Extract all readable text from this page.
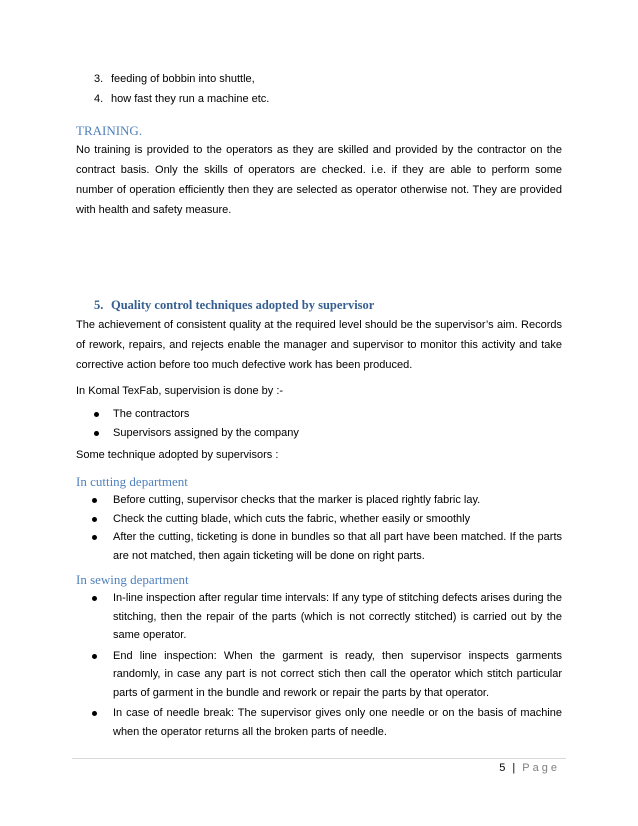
3. feeding of bobbin into shuttle,
4. how fast they run a machine etc.
TRAINING.

No training is provided to the operators as they are skilled and provided by the contractor on the contract basis. Only the skills of operators are checked. i.e. if they are able to perform some number of operation efficiently then they are selected as operator otherwise not. They are provided with health and safety measure.

5. Quality control techniques adopted by supervisor

The achievement of consistent quality at the required level should be the supervisor’s aim. Records of rework, repairs, and rejects enable the manager and supervisor to monitor this activity and take corrective action before too much defective work has been produced.

In Komal TexFab, supervision is done by :-

The contractors
Supervisors assigned by the company

Some technique adopted by supervisors :

In cutting department
Before cutting, supervisor checks that the marker is placed rightly fabric lay.
Check the cutting blade, which cuts the fabric, whether easily or smoothly
After the cutting, ticketing is done in bundles so that all part have been matched. If the parts are not matched, then again ticketing will be done on right parts.
In sewing department
In-line inspection after regular time intervals: If any type of stitching defects arises during the stitching, then the repair of the parts (which is not correctly stitched) is carried out by the same operator.
End line inspection: When the garment is ready, then supervisor inspects garments randomly, in case any part is not correct stich then call the operator which stitch particular parts of garment in the bundle and rework or repair the parts by that operator.
In case of needle break: The supervisor gives only one needle or on the basis of machine when the operator returns all the broken parts of needle.
5 | Page
